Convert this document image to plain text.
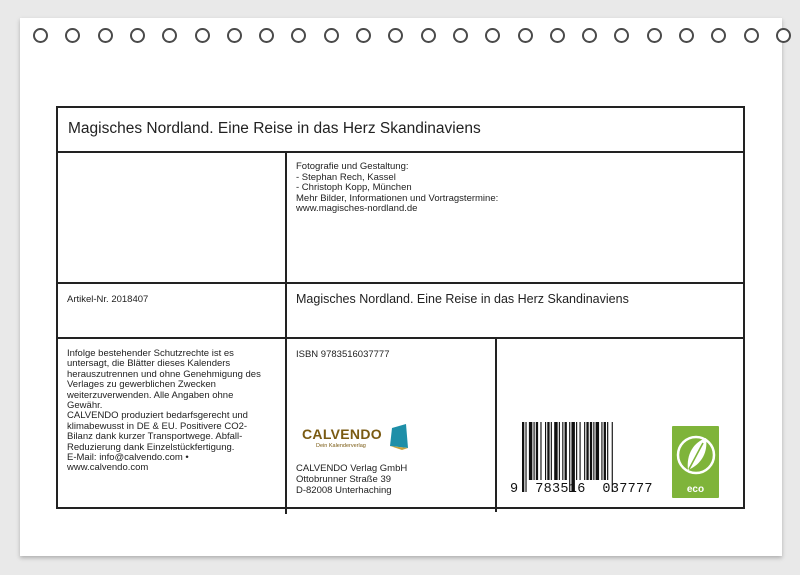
Magisches Nordland. Eine Reise in das Herz Skandinaviens
Fotografie und Gestaltung:
- Stephan Rech, Kassel
- Christoph Kopp, München
Mehr Bilder, Informationen und Vortragstermine:
www.magisches-nordland.de
Artikel-Nr. 2018407	Magisches Nordland. Eine Reise in das Herz Skandinaviens
Infolge bestehender Schutzrechte ist es
untersagt, die Blätter dieses Kalenders
herauszutrennen und ohne Genehmigung des
Verlages zu gewerblichen Zwecken
weiterzuverwenden. Alle Angaben ohne
Gewähr.
CALVENDO produziert bedarfsgerecht und
klimabewusst in DE & EU. Positivere CO2-
Bilanz dank kurzer Transportwege. Abfall-
Reduzierung dank Einzelstückfertigung.
E-Mail: info@calvendo.com •
www.calvendo.com
ISBN 9783516037777
CALVENDO
Dein Kalenderverlag
CALVENDO Verlag GmbH
Ottobrunner Straße 39
D-82008 Unterhaching	9  783516  037777	eco
